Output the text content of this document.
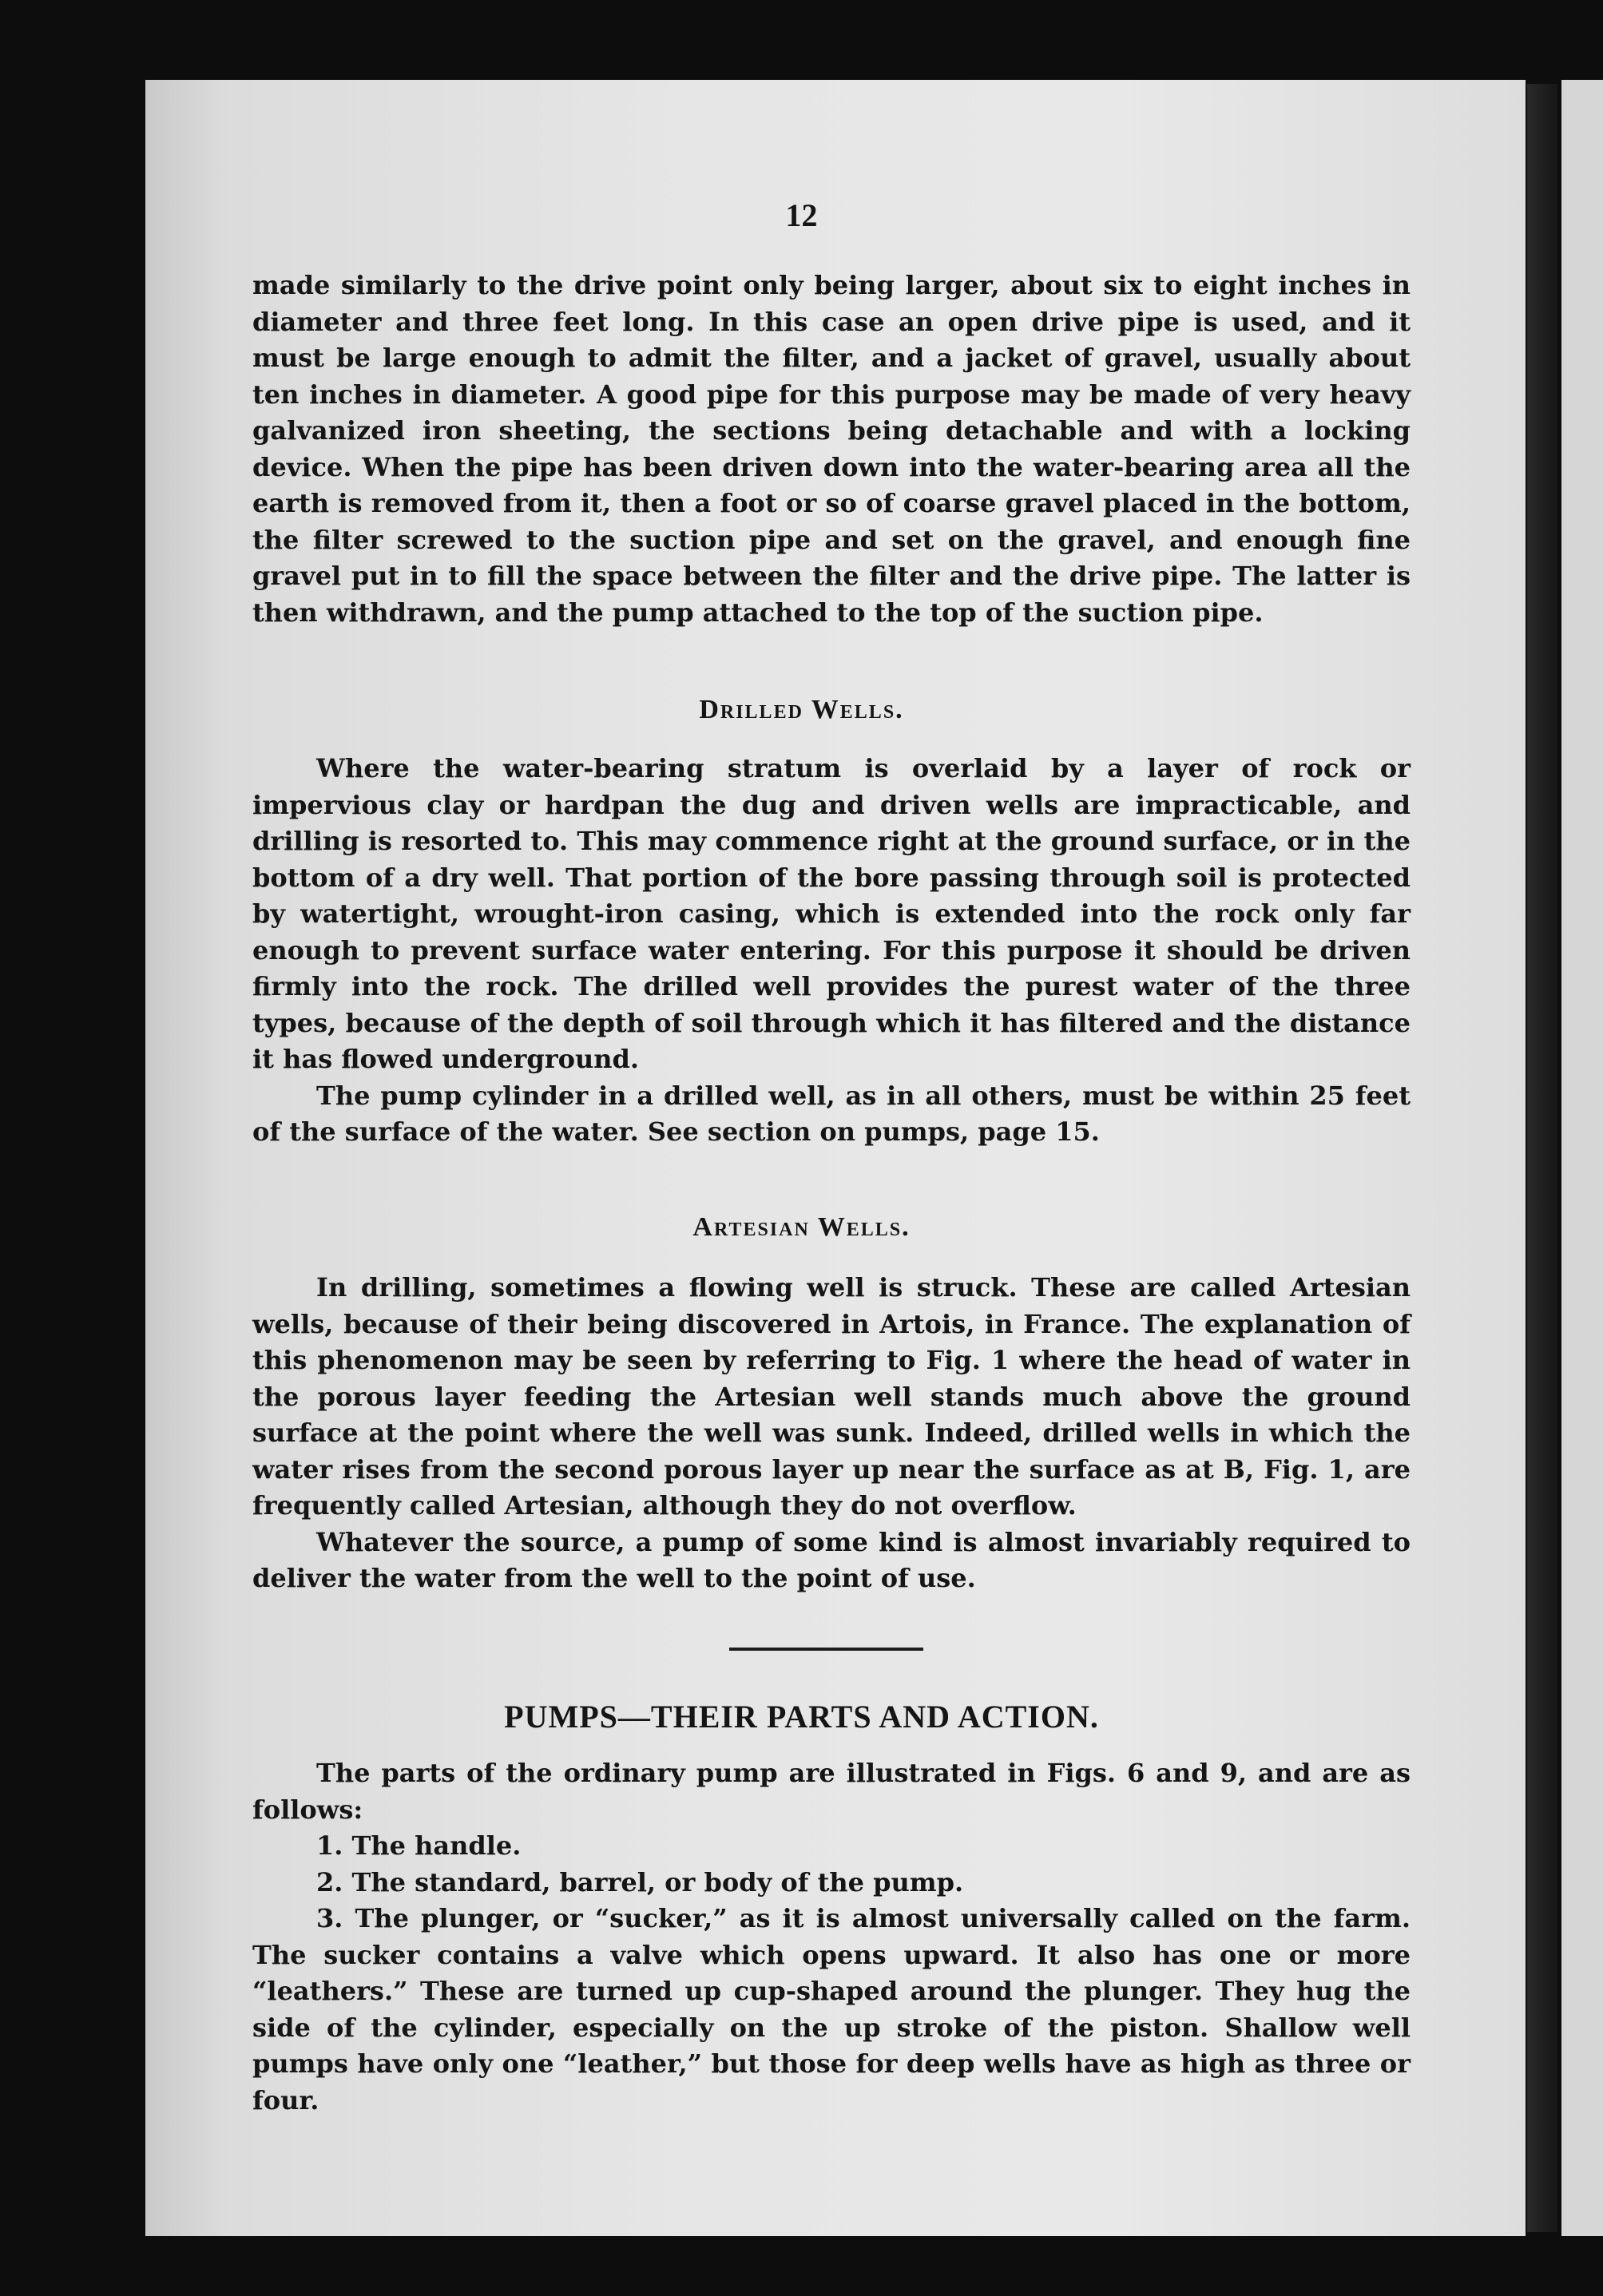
12

made similarly to the drive point only being larger, about six to eight inches in diameter and three feet long. In this case an open drive pipe is used, and it must be large enough to admit the filter, and a jacket of gravel, usually about ten inches in diameter. A good pipe for this purpose may be made of very heavy galvanized iron sheeting, the sections being detachable and with a locking device. When the pipe has been driven down into the water-bearing area all the earth is removed from it, then a foot or so of coarse gravel placed in the bottom, the filter screwed to the suction pipe and set on the gravel, and enough fine gravel put in to fill the space between the filter and the drive pipe. The latter is then withdrawn, and the pump attached to the top of the suction pipe.

Drilled Wells.

Where the water-bearing stratum is overlaid by a layer of rock or impervious clay or hardpan the dug and driven wells are impracticable, and drilling is resorted to. This may commence right at the ground surface, or in the bottom of a dry well. That portion of the bore passing through soil is protected by watertight, wrought-iron casing, which is extended into the rock only far enough to prevent surface water entering. For this purpose it should be driven firmly into the rock. The drilled well provides the purest water of the three types, because of the depth of soil through which it has filtered and the distance it has flowed underground.

The pump cylinder in a drilled well, as in all others, must be within 25 feet of the surface of the water. See section on pumps, page 15.

Artesian Wells.

In drilling, sometimes a flowing well is struck. These are called Artesian wells, because of their being discovered in Artois, in France. The explanation of this phenomenon may be seen by referring to Fig. 1 where the head of water in the porous layer feeding the Artesian well stands much above the ground surface at the point where the well was sunk. Indeed, drilled wells in which the water rises from the second porous layer up near the surface as at B, Fig. 1, are frequently called Artesian, although they do not overflow.

Whatever the source, a pump of some kind is almost invariably required to deliver the water from the well to the point of use.

PUMPS—THEIR PARTS AND ACTION.

The parts of the ordinary pump are illustrated in Figs. 6 and 9, and are as follows:

1. The handle.

2. The standard, barrel, or body of the pump.

3. The plunger, or “sucker,” as it is almost universally called on the farm. The sucker contains a valve which opens upward. It also has one or more “leathers.” These are turned up cup-shaped around the plunger. They hug the side of the cylinder, especially on the up stroke of the piston. Shallow well pumps have only one “leather,” but those for deep wells have as high as three or four.
